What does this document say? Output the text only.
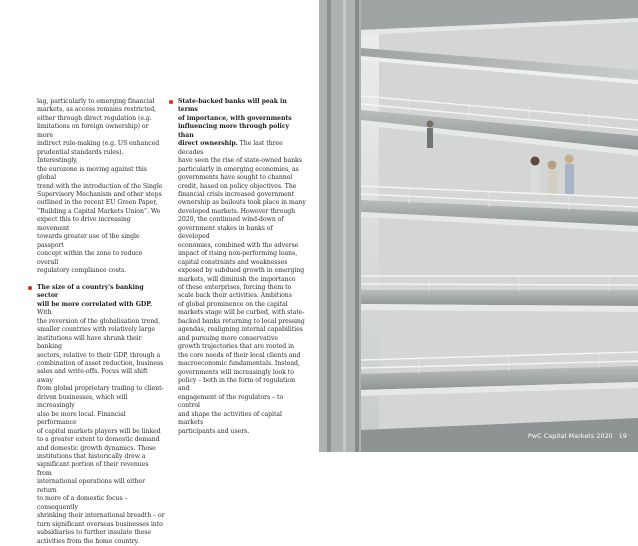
lag, particularly to emerging financial

markets, as access remains restricted,

either through direct regulation (e.g.

limitations on foreign ownership) or more

indirect rule-making (e.g. US enhanced

prudential standards rules). Interestingly,

the eurozone is moving against this global

trend with the introduction of the Single

Supervisory Mechanism and other steps

outlined in the recent EU Green Paper,

“Building a Capital Markets Union”. We

expect this to drive increasing movement

towards greater use of the single passport

concept within the zone to reduce overall

regulatory compliance costs.

The size of a country's banking sector

will be more correlated with GDP. With

the reversion of the globalisation trend,

smaller countries with relatively large

institutions will have shrunk their banking

sectors, relative to their GDP, through a

combination of asset reduction, business

sales and write-offs. Focus will shift away

from global proprietary trading to client-

driven businesses, which will increasingly

also be more local. Financial performance

of capital markets players will be linked

to a greater extent to domestic demand

and domestic growth dynamics. Those

institutions that historically drew a

significant portion of their revenues from

international operations will either return

to more of a domestic focus – consequently

shrinking their international breadth – or

turn significant overseas businesses into

subsidiaries to further insulate these

activities from the home country.

State-backed banks will peak in terms

of importance, with governments

influencing more through policy than

direct ownership. The last three decades

have seen the rise of state-owned banks

particularly in emerging economies, as

governments have sought to channel

credit, based on policy objectives. The

financial crisis increased government

ownership as bailouts took place in many

developed markets. However through

2020, the continued wind-down of

government stakes in banks of developed

economies, combined with the adverse

impact of rising non-performing loans,

capital constraints and weaknesses

exposed by subdued growth in emerging

markets, will diminish the importance

of these enterprises, forcing them to

scale back their activities. Ambitions

of global prominence on the capital

markets stage will be curbed, with state-

backed banks returning to local pressing

agendas, realigning internal capabilities

and pursuing more conservative

growth trajectories that are rooted in

the core needs of their local clients and

macroeconomic fundamentals. Instead,

governments will increasingly look to

policy – both in the form of regulation and

engagement of the regulators – to control

and shape the activities of capital markets

participants and users.

PwC Capital Markets 2020 19
